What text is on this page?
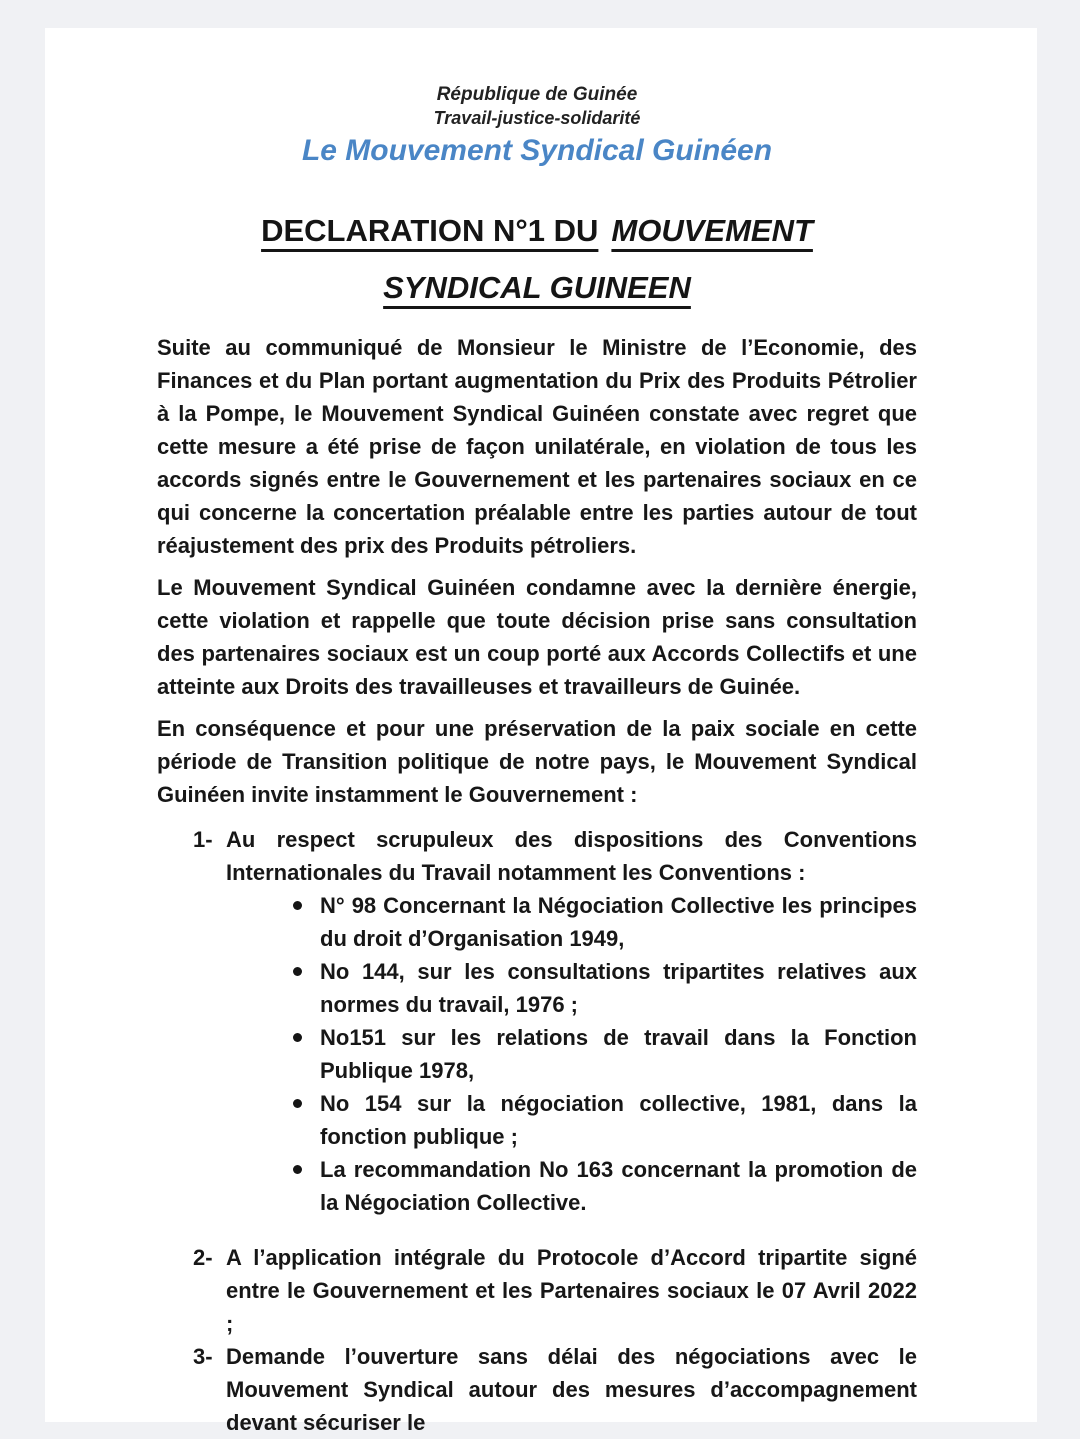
République de Guinée
Travail-justice-solidarité
Le Mouvement Syndical Guinéen
DECLARATION N°1 DU MOUVEMENT
SYNDICAL GUINEEN

Suite au communiqué de Monsieur le Ministre de l’Economie, des Finances et du Plan portant augmentation du Prix des Produits Pétrolier à la Pompe, le Mouvement Syndical Guinéen constate avec regret que cette mesure a été prise de façon unilatérale, en violation de tous les accords signés entre le Gouvernement et les partenaires sociaux en ce qui concerne la concertation préalable entre les parties autour de tout réajustement des prix des Produits pétroliers.

Le Mouvement Syndical Guinéen condamne avec la dernière énergie, cette violation et rappelle que toute décision prise sans consultation des partenaires sociaux est un coup porté aux Accords Collectifs et une atteinte aux Droits des travailleuses et travailleurs de Guinée.

En conséquence et pour une préservation de la paix sociale en cette période de Transition politique de notre pays, le Mouvement Syndical Guinéen invite instamment le Gouvernement :

1- Au respect scrupuleux des dispositions des Conventions Internationales du Travail notamment les Conventions :
N° 98 Concernant la Négociation Collective les principes du droit d’Organisation 1949,
No 144, sur les consultations tripartites relatives aux normes du travail, 1976 ;
No151 sur les relations de travail dans la Fonction Publique 1978,
No 154 sur la négociation collective, 1981, dans la fonction publique ;
La recommandation No 163 concernant la promotion de la Négociation Collective.
2- A l’application intégrale du Protocole d’Accord tripartite signé entre le Gouvernement et les Partenaires sociaux le 07 Avril 2022 ;
3- Demande l’ouverture sans délai des négociations avec le Mouvement Syndical autour des mesures d’accompagnement devant sécuriser le
